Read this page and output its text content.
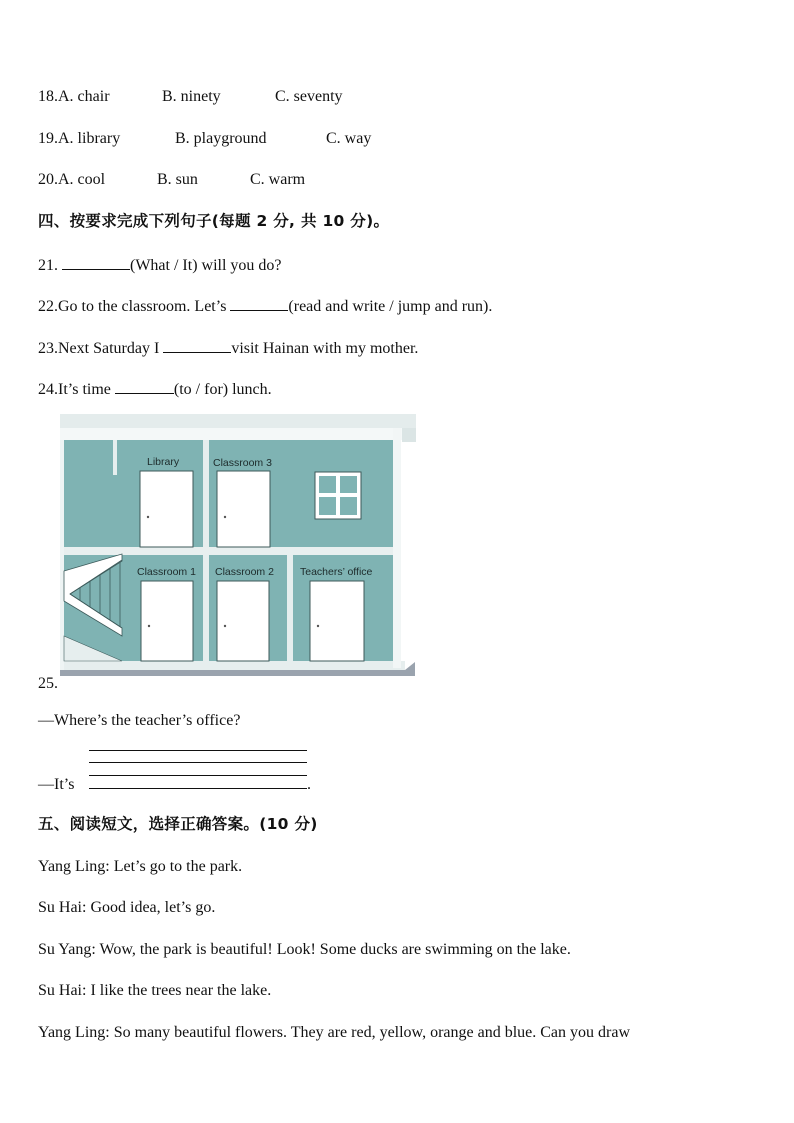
18.A. chair	B. ninety	C. seventy
19.A. library	B. playground	C. way
20.A. cool	B. sun	C. warm
四、按要求完成下列句子(每题 2 分, 共 10 分)。
21.	(What / It) will you do?
22.Go to the classroom. Let’s	(read and write / jump and run).
23.Next Saturday I	visit Hainan with my mother.
24.It’s time	(to / for) lunch.
Library	Classroom 3
Classroom 1 Classroom 2 Teachers’ office
25.
—Where’s the teacher’s office?
—It’s	.
五、阅读短文，选择正确答案。(10 分)
Yang Ling: Let’s go to the park.
Su Hai: Good idea, let’s go.
Su Yang: Wow, the park is beautiful! Look! Some ducks are swimming on the lake.
Su Hai: I like the trees near the lake.
Yang Ling: So many beautiful flowers. They are red, yellow, orange and blue. Can you draw
